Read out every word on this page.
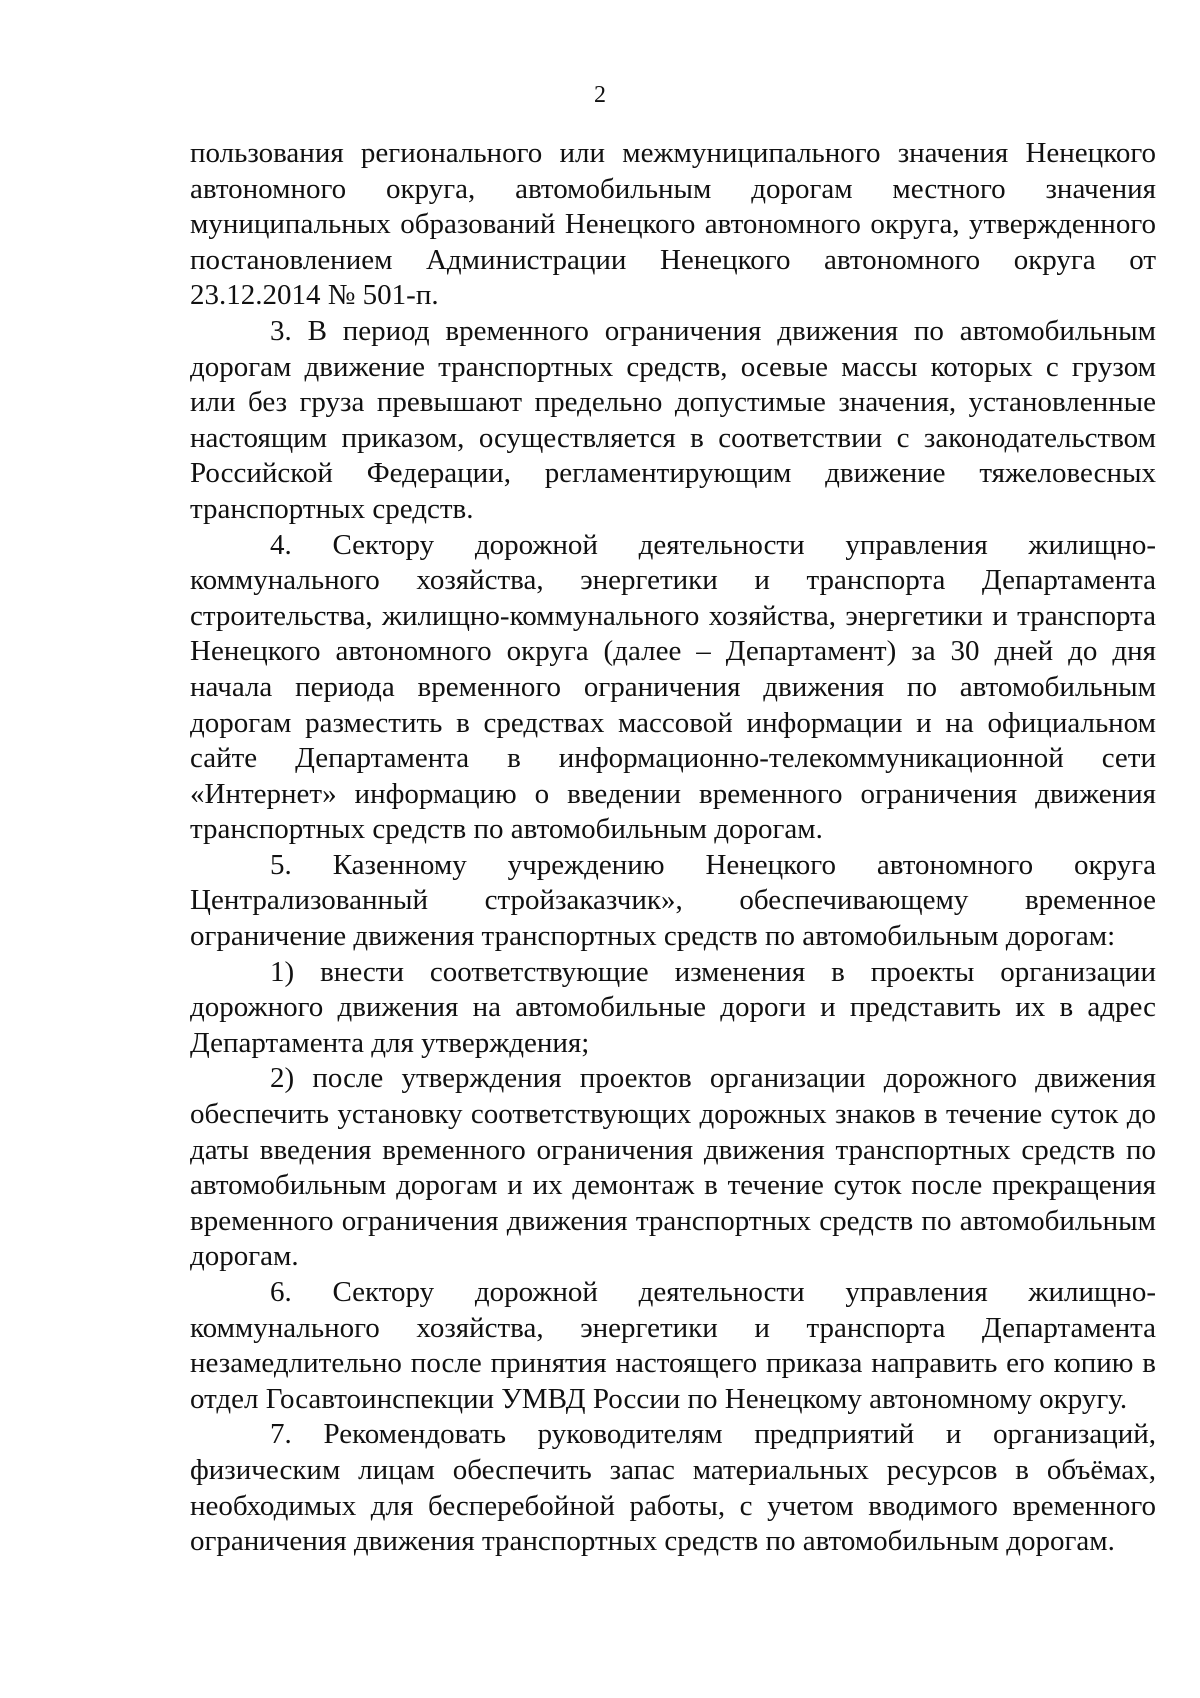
2

пользования регионального или межмуниципального значения Ненецкого автономного округа, автомобильным дорогам местного значения муниципальных образований Ненецкого автономного округа, утвержденного постановлением Администрации Ненецкого автономного округа от 23.12.2014 № 501-п.

3. В период временного ограничения движения по автомобильным дорогам движение транспортных средств, осевые массы которых с грузом или без груза превышают предельно допустимые значения, установленные настоящим приказом, осуществляется в соответствии с законодательством Российской Федерации, регламентирующим движение тяжеловесных транспортных средств.

4. Сектору дорожной деятельности управления жилищно-коммунального хозяйства, энергетики и транспорта Департамента строительства, жилищно-коммунального хозяйства, энергетики и транспорта Ненецкого автономного округа (далее – Департамент) за 30 дней до дня начала периода временного ограничения движения по автомобильным дорогам разместить в средствах массовой информации и на официальном сайте Департамента в информационно-телекоммуникационной сети «Интернет» информацию о введении временного ограничения движения транспортных средств по автомобильным дорогам.

5. Казенному учреждению Ненецкого автономного округа Централизованный стройзаказчик», обеспечивающему временное ограничение движения транспортных средств по автомобильным дорогам:

1) внести соответствующие изменения в проекты организации дорожного движения на автомобильные дороги и представить их в адрес Департамента для утверждения;

2) после утверждения проектов организации дорожного движения обеспечить установку соответствующих дорожных знаков в течение суток до даты введения временного ограничения движения транспортных средств по автомобильным дорогам и их демонтаж в течение суток после прекращения временного ограничения движения транспортных средств по автомобильным дорогам.

6. Сектору дорожной деятельности управления жилищно-коммунального хозяйства, энергетики и транспорта Департамента незамедлительно после принятия настоящего приказа направить его копию в отдел Госавтоинспекции УМВД России по Ненецкому автономному округу.

7. Рекомендовать руководителям предприятий и организаций, физическим лицам обеспечить запас материальных ресурсов в объёмах, необходимых для бесперебойной работы, с учетом вводимого временного ограничения движения транспортных средств по автомобильным дорогам.
